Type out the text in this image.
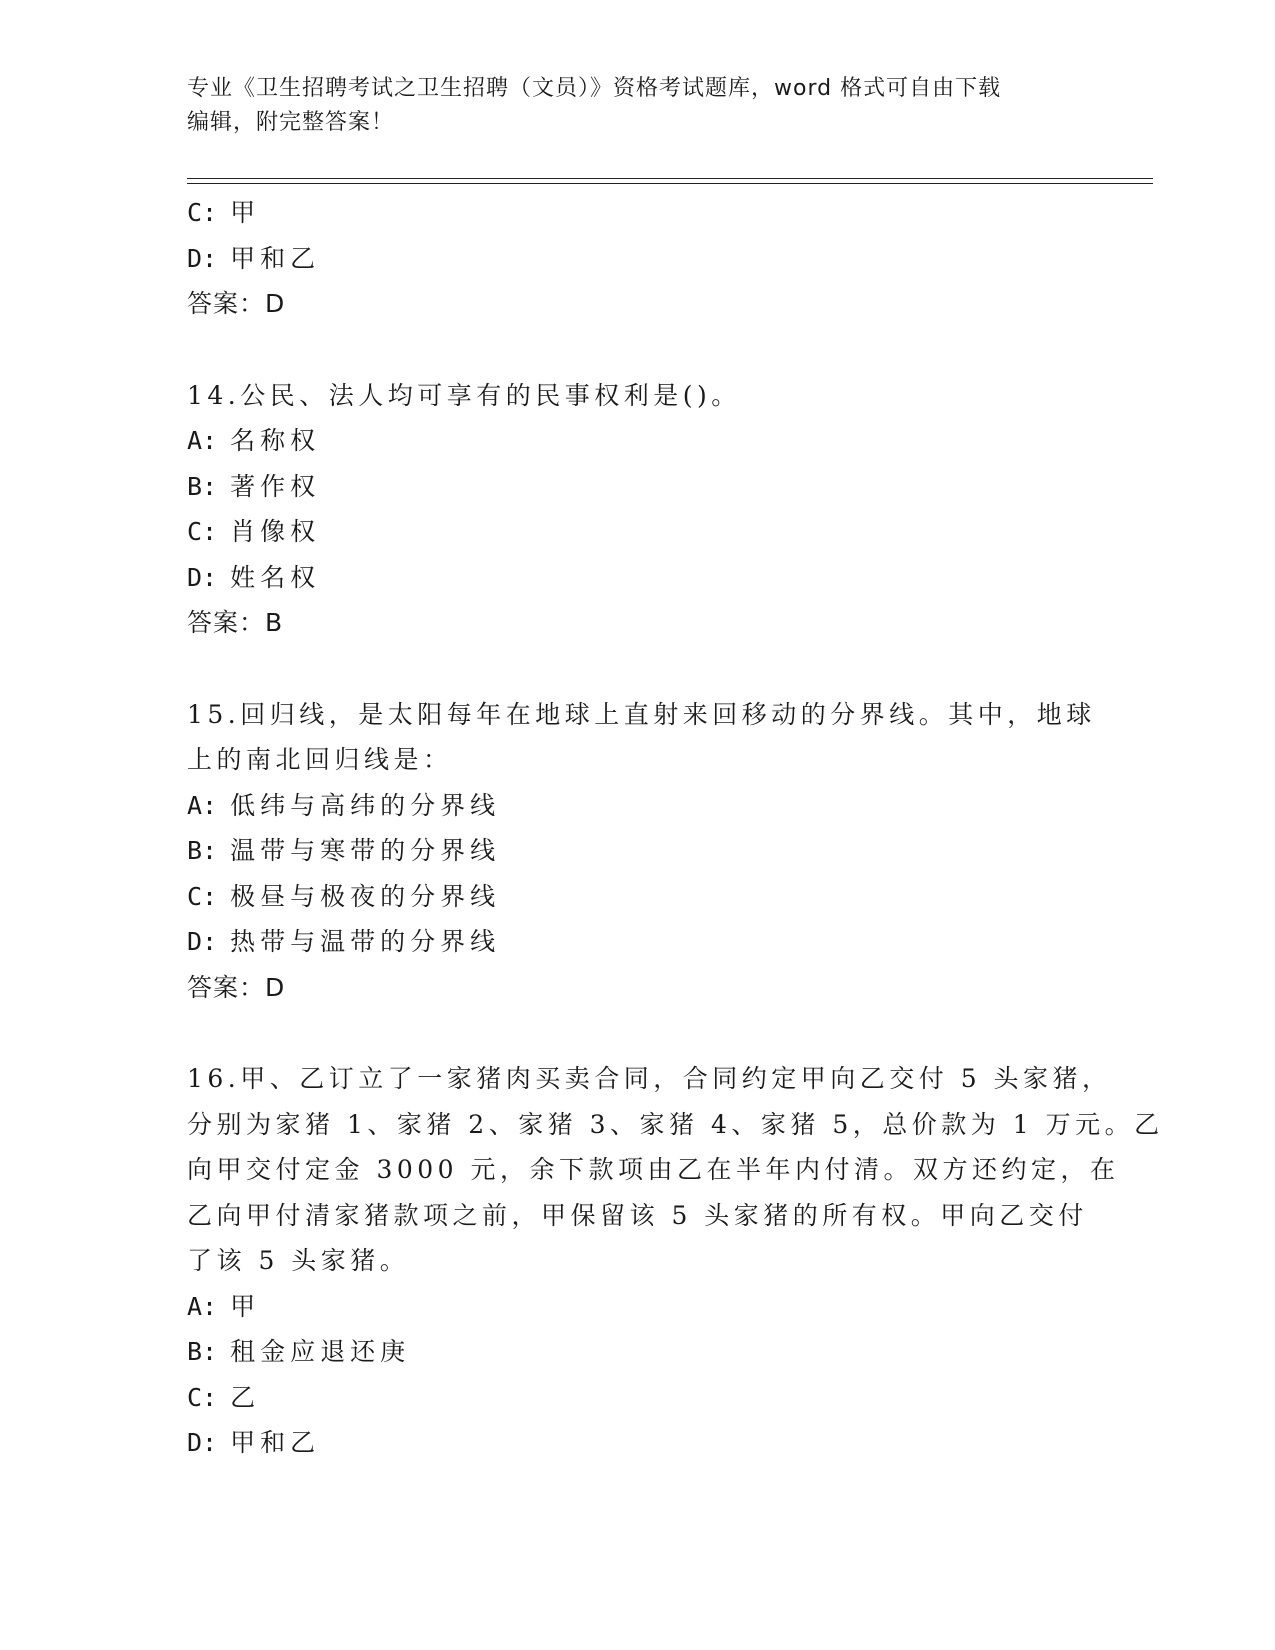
专业《卫生招聘考试之卫生招聘（文员）》资格考试题库，word 格式可自由下载
编辑，附完整答案！
C: 甲
D: 甲和乙
答案：D
14.公民、法人均可享有的民事权利是()。
A: 名称权
B: 著作权
C: 肖像权
D: 姓名权
答案：B
15.回归线，是太阳每年在地球上直射来回移动的分界线。其中，地球
上的南北回归线是：
A: 低纬与高纬的分界线
B: 温带与寒带的分界线
C: 极昼与极夜的分界线
D: 热带与温带的分界线
答案：D
16.甲、乙订立了一家猪肉买卖合同，合同约定甲向乙交付 5 头家猪，
分别为家猪 1、家猪 2、家猪 3、家猪 4、家猪 5，总价款为 1 万元。乙
向甲交付定金 3000 元，余下款项由乙在半年内付清。双方还约定，在
乙向甲付清家猪款项之前，甲保留该 5 头家猪的所有权。甲向乙交付
了该 5 头家猪。
A: 甲
B: 租金应退还庚
C: 乙
D: 甲和乙
